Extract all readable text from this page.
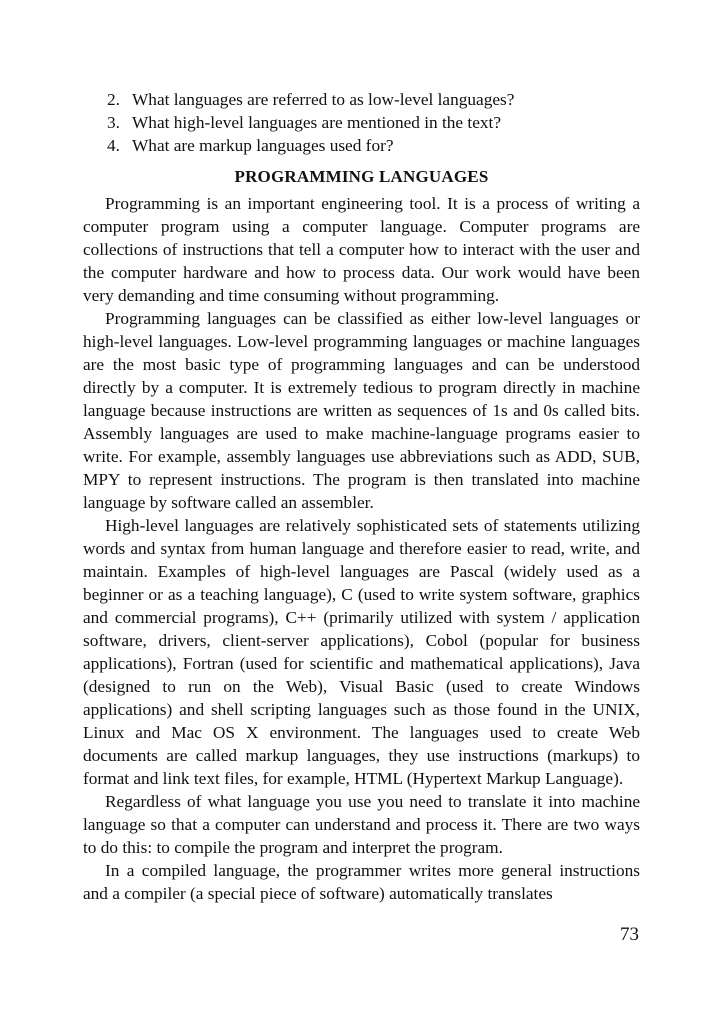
2. What languages are referred to as low-level languages?
3. What high-level languages are mentioned in the text?
4. What are markup languages used for?
PROGRAMMING LANGUAGES

Programming is an important engineering tool. It is a process of writing a computer program using a computer language. Computer programs are collections of instructions that tell a computer how to interact with the user and the computer hardware and how to process data. Our work would have been very demanding and time consuming without programming.

Programming languages can be classified as either low-level languages or high-level languages. Low-level programming languages or machine languages are the most basic type of programming languages and can be understood directly by a computer. It is extremely tedious to program directly in machine language because instructions are written as sequences of 1s and 0s called bits. Assembly languages are used to make machine-language programs easier to write. For example, assembly languages use abbreviations such as ADD, SUB, MPY to represent instructions. The program is then translated into machine language by software called an assembler.

High-level languages are relatively sophisticated sets of statements utilizing words and syntax from human language and therefore easier to read, write, and maintain. Examples of high-level languages are Pascal (widely used as a beginner or as a teaching language), C (used to write system software, graphics and commercial programs), C++ (primarily utilized with system / application software, drivers, client-server applications), Cobol (popular for business applications), Fortran (used for scientific and mathematical applications), Java (designed to run on the Web), Visual Basic (used to create Windows applications) and shell scripting languages such as those found in the UNIX, Linux and Mac OS X environment. The languages used to create Web documents are called markup languages, they use instructions (markups) to format and link text files, for example, HTML (Hypertext Markup Language).

Regardless of what language you use you need to translate it into machine language so that a computer can understand and process it. There are two ways to do this: to compile the program and interpret the program.

In a compiled language, the programmer writes more general instructions and a compiler (a special piece of software) automatically translates

73
